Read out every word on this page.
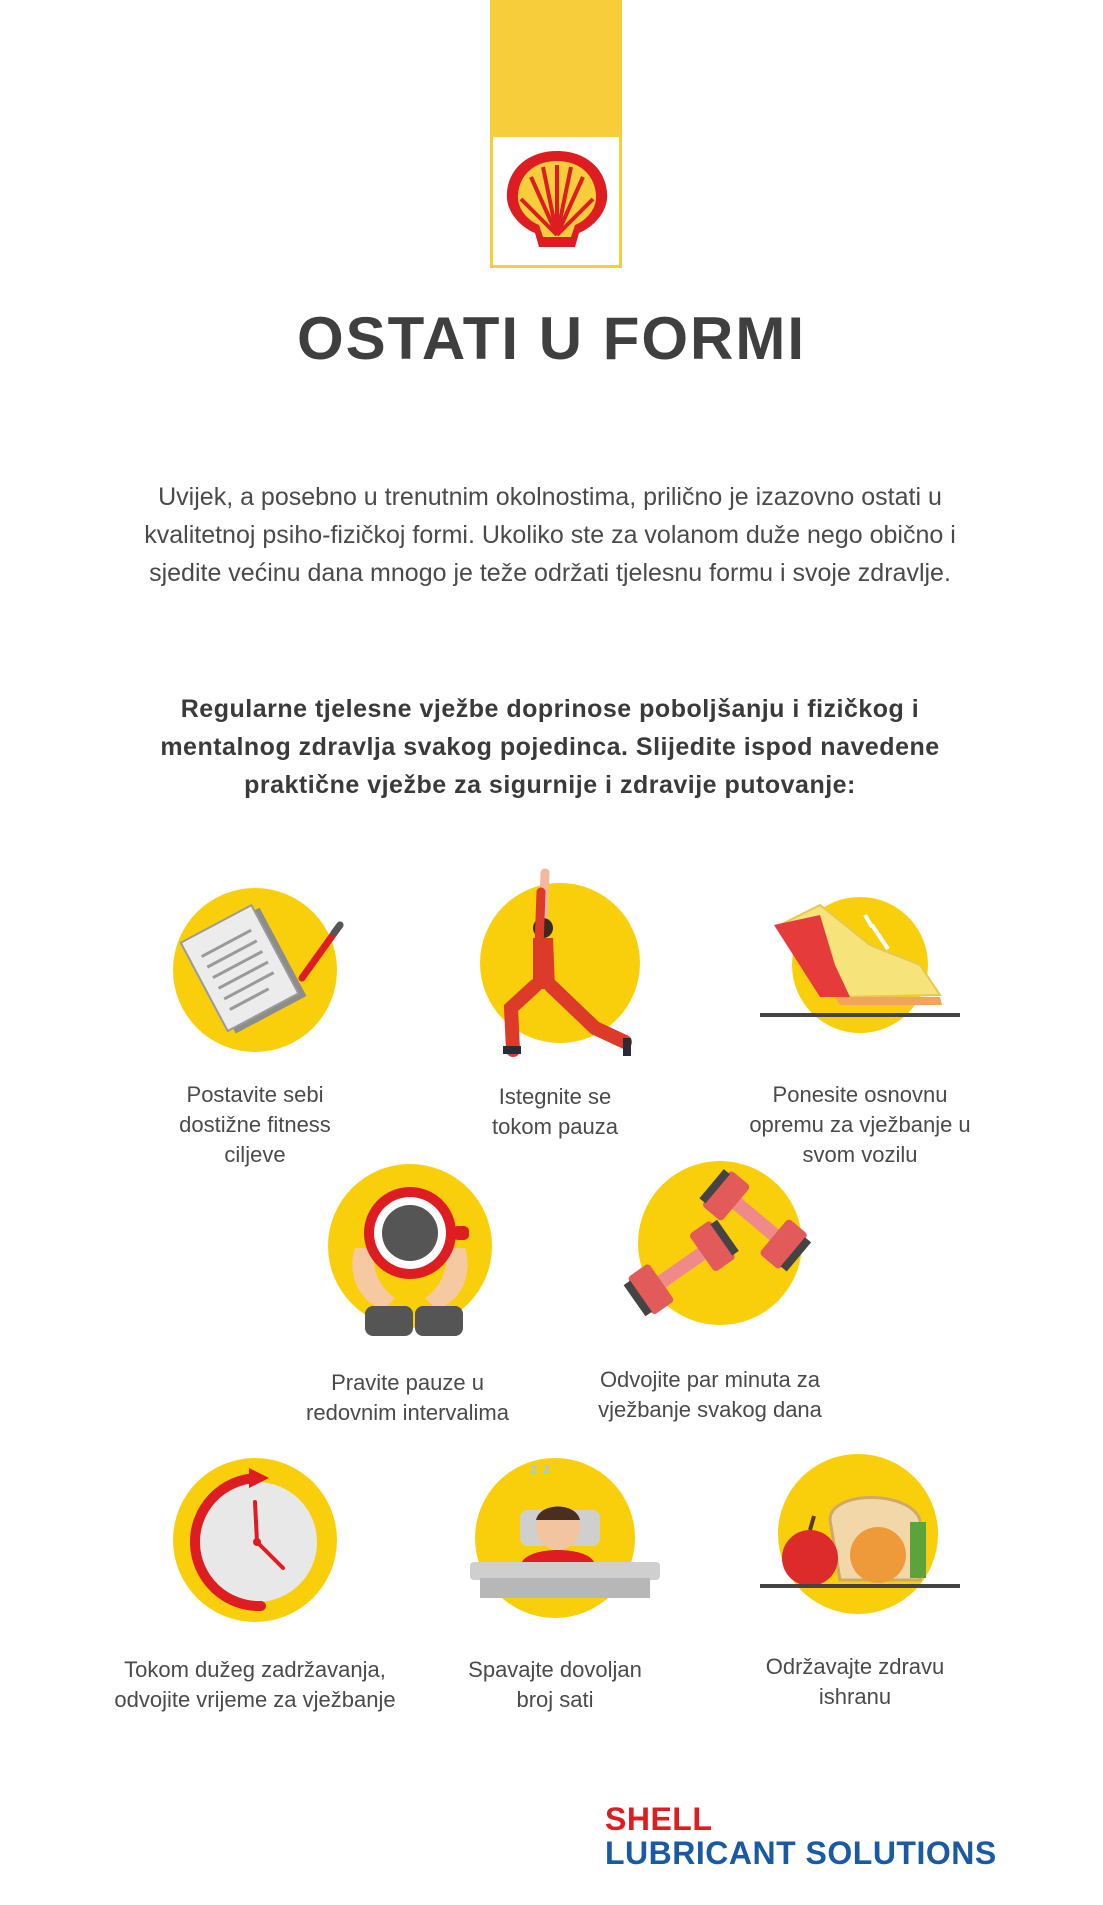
OSTATI U FORMI

Uvijek, a posebno u trenutnim okolnostima, prilično je izazovno ostati u kvalitetnoj psiho-fizičkoj formi. Ukoliko ste za volanom duže nego obično i sjedite većinu dana mnogo je teže održati tjelesnu formu i svoje zdravlje.

Regularne tjelesne vježbe doprinose poboljšanju i fizičkog i mentalnog zdravlja svakog pojedinca. Slijedite ispod navedene praktične vježbe za sigurnije i zdravije putovanje:

Postavite sebi dostižne fitness ciljeve

Istegnite se tokom pauza

Ponesite osnovnu opremu za vježbanje u svom vozilu

Pravite pauze u redovnim intervalima

Odvojite par minuta za vježbanje svakog dana

Tokom dužeg zadržavanja, odvojite vrijeme za vježbanje

z z

Spavajte dovoljan broj sati

Održavajte zdravu ishranu

SHELL
LUBRICANT SOLUTIONS
